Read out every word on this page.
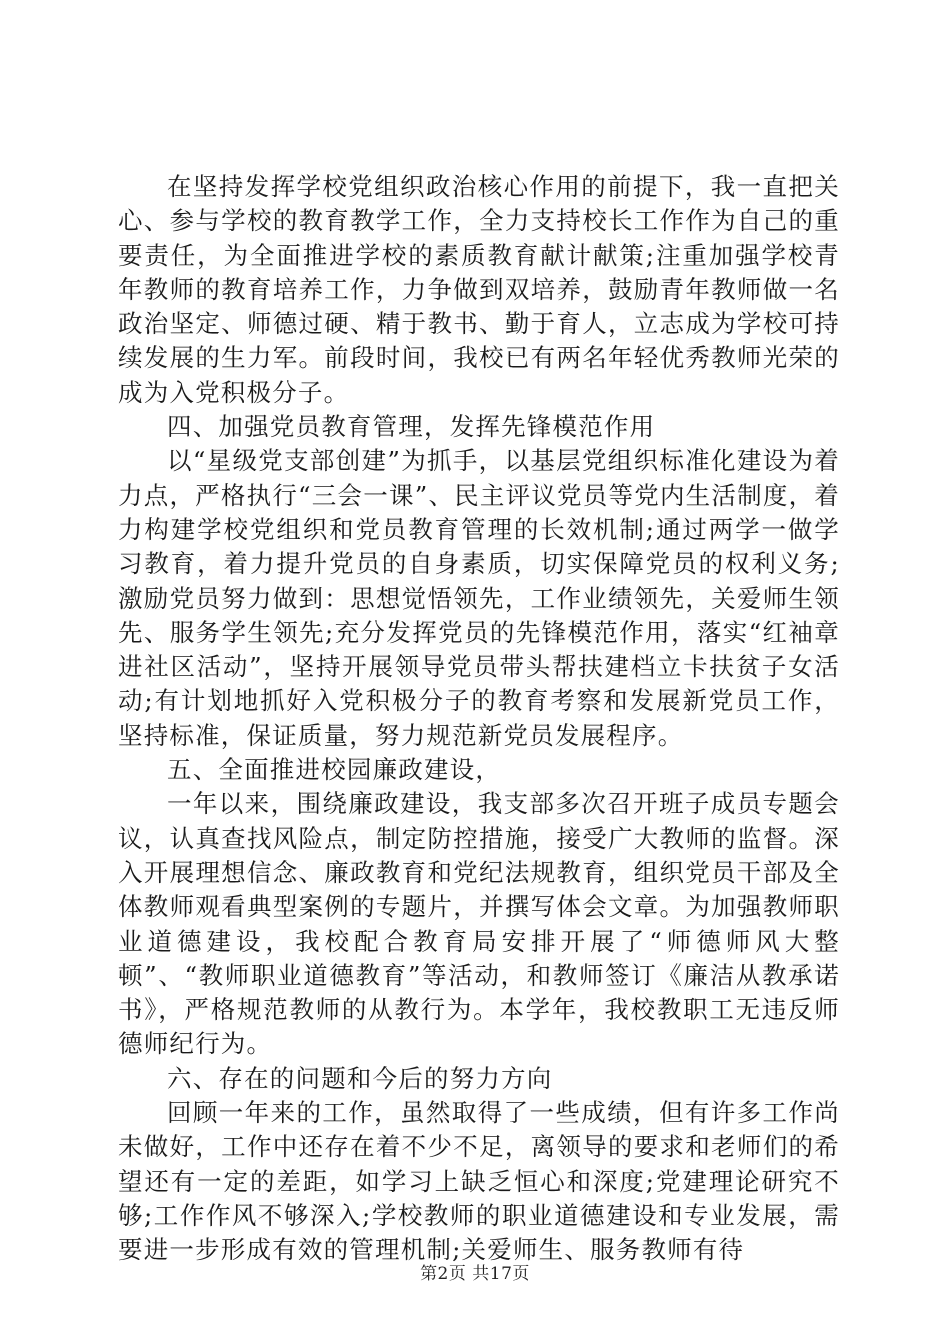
在坚持发挥学校党组织政治核心作用的前提下，我一直把关心、参与学校的教育教学工作，全力支持校长工作作为自己的重要责任，为全面推进学校的素质教育献计献策;注重加强学校青年教师的教育培养工作，力争做到双培养，鼓励青年教师做一名政治坚定、师德过硬、精于教书、勤于育人，立志成为学校可持续发展的生力军。前段时间，我校已有两名年轻优秀教师光荣的成为入党积极分子。

四、加强党员教育管理，发挥先锋模范作用

以“星级党支部创建”为抓手，以基层党组织标准化建设为着力点，严格执行“三会一课”、民主评议党员等党内生活制度，着力构建学校党组织和党员教育管理的长效机制;通过两学一做学习教育，着力提升党员的自身素质，切实保障党员的权利义务;激励党员努力做到：思想觉悟领先，工作业绩领先，关爱师生领先、服务学生领先;充分发挥党员的先锋模范作用，落实“红袖章进社区活动”，坚持开展领导党员带头帮扶建档立卡扶贫子女活动;有计划地抓好入党积极分子的教育考察和发展新党员工作，坚持标准，保证质量，努力规范新党员发展程序。

五、全面推进校园廉政建设，

一年以来，围绕廉政建设，我支部多次召开班子成员专题会议，认真查找风险点，制定防控措施，接受广大教师的监督。深入开展理想信念、廉政教育和党纪法规教育，组织党员干部及全体教师观看典型案例的专题片，并撰写体会文章。为加强教师职业道德建设，我校配合教育局安排开展了“师德师风大整顿”、“教师职业道德教育”等活动，和教师签订《廉洁从教承诺书》，严格规范教师的从教行为。本学年，我校教职工无违反师德师纪行为。

六、存在的问题和今后的努力方向

回顾一年来的工作，虽然取得了一些成绩，但有许多工作尚未做好，工作中还存在着不少不足，离领导的要求和老师们的希望还有一定的差距，如学习上缺乏恒心和深度;党建理论研究不够;工作作风不够深入;学校教师的职业道德建设和专业发展，需要进一步形成有效的管理机制;关爱师生、服务教师有待

第2页 共17页
